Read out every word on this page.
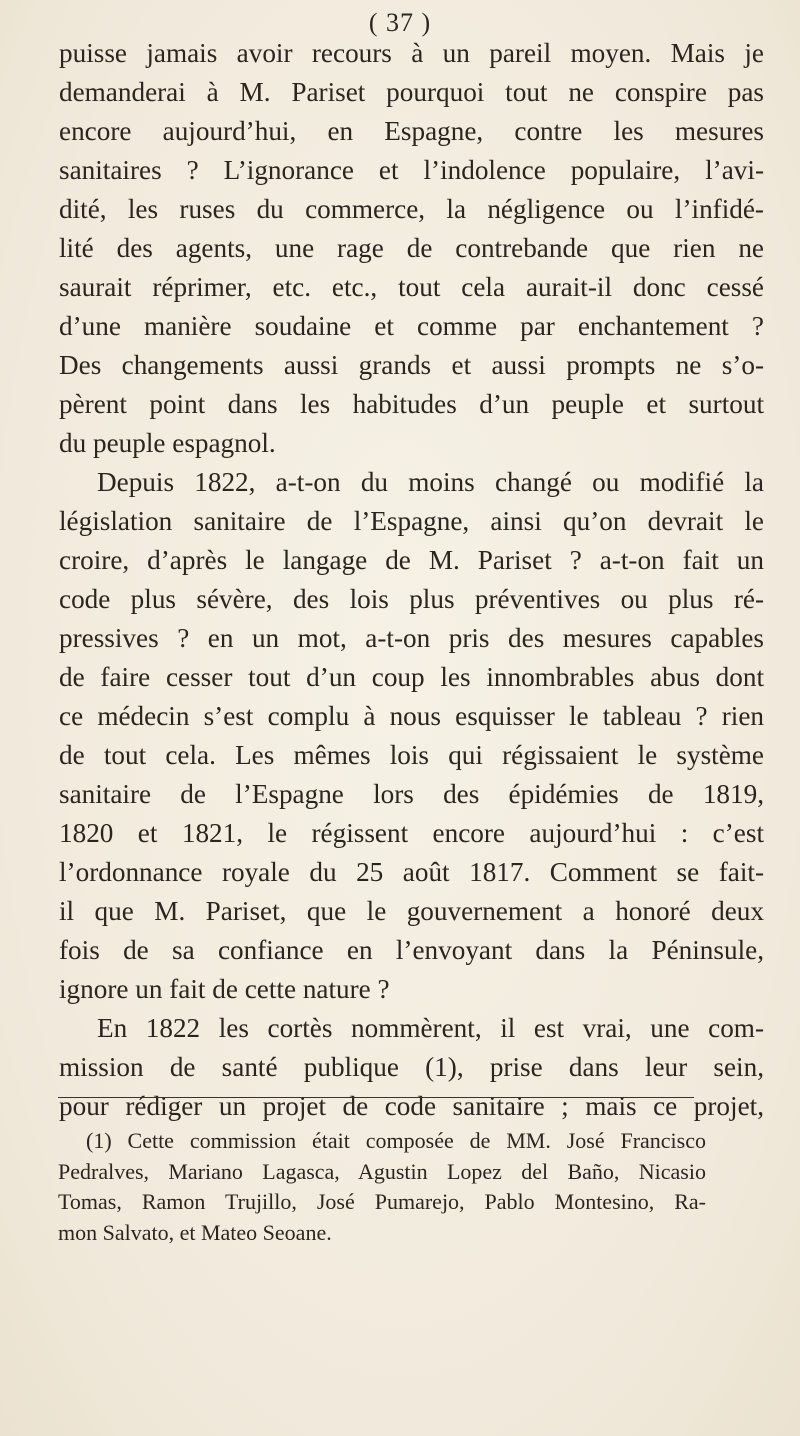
( 37 )
puisse jamais avoir recours à un pareil moyen. Mais je
demanderai à M. Pariset pourquoi tout ne conspire pas
encore aujourd’hui, en Espagne, contre les mesures
sanitaires ? L’ignorance et l’indolence populaire, l’avi-
dité, les ruses du commerce, la négligence ou l’infidé-
lité des agents, une rage de contrebande que rien ne
saurait réprimer, etc. etc., tout cela aurait-il donc cessé
d’une manière soudaine et comme par enchantement ?
Des changements aussi grands et aussi prompts ne s’o-
pèrent point dans les habitudes d’un peuple et surtout
du peuple espagnol.
Depuis 1822, a-t-on du moins changé ou modifié la
législation sanitaire de l’Espagne, ainsi qu’on devrait le
croire, d’après le langage de M. Pariset ? a-t-on fait un
code plus sévère, des lois plus préventives ou plus ré-
pressives ? en un mot, a-t-on pris des mesures capables
de faire cesser tout d’un coup les innombrables abus dont
ce médecin s’est complu à nous esquisser le tableau ? rien
de tout cela. Les mêmes lois qui régissaient le système
sanitaire de l’Espagne lors des épidémies de 1819,
1820 et 1821, le régissent encore aujourd’hui : c’est
l’ordonnance royale du 25 août 1817. Comment se fait-
il que M. Pariset, que le gouvernement a honoré deux
fois de sa confiance en l’envoyant dans la Péninsule,
ignore un fait de cette nature ?
En 1822 les cortès nommèrent, il est vrai, une com-
mission de santé publique (1), prise dans leur sein,
pour rédiger un projet de code sanitaire ; mais ce projet,
(1) Cette commission était composée de MM. José Francisco
Pedralves, Mariano Lagasca, Agustin Lopez del Baño, Nicasio
Tomas, Ramon Trujillo, José Pumarejo, Pablo Montesino, Ra-
mon Salvato, et Mateo Seoane.
